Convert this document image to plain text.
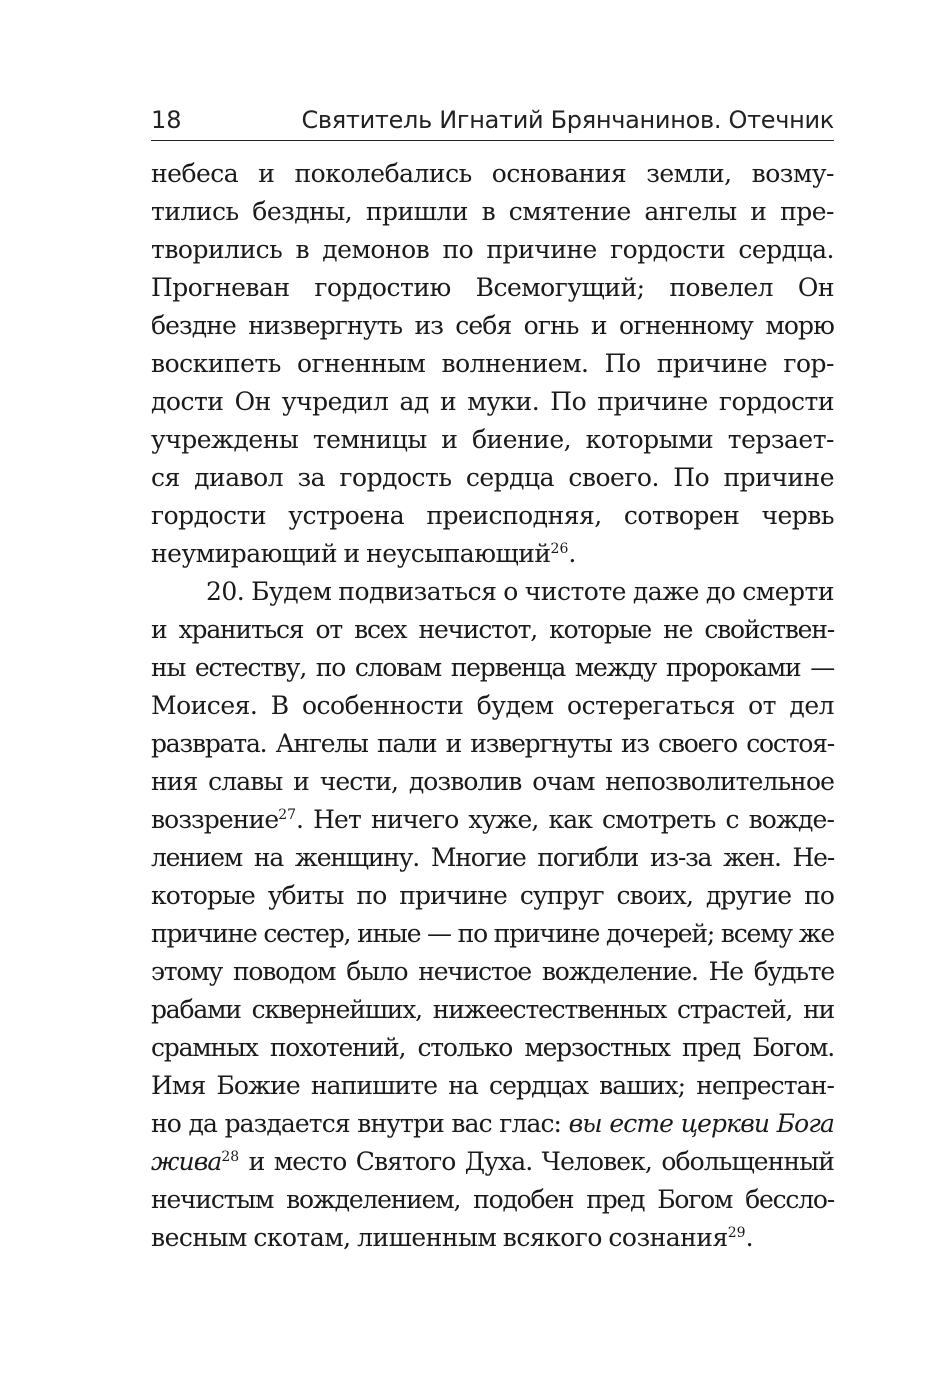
18	Святитель Игнатий Брянчанинов. Отечник
небеса и поколебались основания земли, возму-
тились бездны, пришли в смятение ангелы и пре-
творились в демонов по причине гордости сердца.
Прогневан гордостию Всемогущий; повелел Он
бездне низвергнуть из себя огнь и огненному морю
воскипеть огненным волнением. По причине гор-
дости Он учредил ад и муки. По причине гордости
учреждены темницы и биение, которыми терзает-
ся диавол за гордость сердца своего. По причине
гордости устроена преисподняя, сотворен червь
неумирающий и неусыпающий$^{26}$.
20. Будем подвизаться о чистоте даже до смерти
и храниться от всех нечистот, которые не свойствен-
ны естеству, по словам первенца между пророками —
Моисея. В особенности будем остерегаться от дел
разврата. Ангелы пали и извергнуты из своего состоя-
ния славы и чести, дозволив очам непозволительное
воззрение$^{27}$. Нет ничего хуже, как смотреть с вожде-
лением на женщину. Многие погибли из-за жен. Не-
которые убиты по причине супруг своих, другие по
причине сестер, иные — по причине дочерей; всему же
этому поводом было нечистое вожделение. Не будьте
рабами сквернейших, нижеестественных страстей, ни
срамных похотений, столько мерзостных пред Богом.
Имя Божие напишите на сердцах ваших; непрестан-
но да раздается внутри вас глас: вы есте церкви Бога
жива$^{28}$ и место Святого Духа. Человек, обольщенный
нечистым вожделением, подобен пред Богом бессло-
весным скотам, лишенным всякого сознания$^{29}$.
